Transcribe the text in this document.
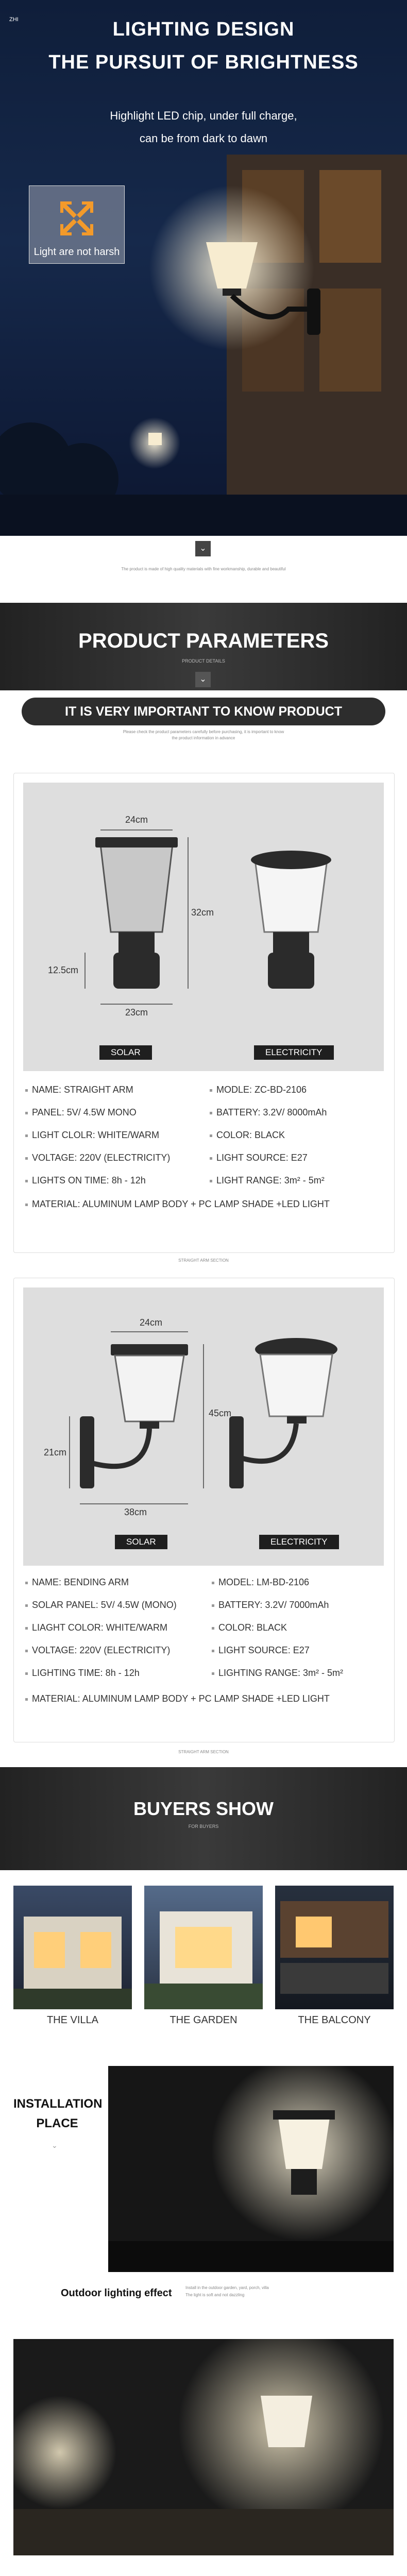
ZHI	LIGHTING DESIGN
THE PURSUIT OF BRIGHTNESS
Highlight LED chip, under full charge,
can be from dark to dawn
Light are not harsh
⌄
The product is made of high quality materials with fine workmanship, durable and beautiful
PRODUCT PARAMETERS
PRODUCT DETAILS
⌄
IT IS VERY IMPORTANT TO KNOW PRODUCT
Please check the product parameters carefully before purchasing, it is important to know
the product information in advance
24cm
32cm
12.5cm
23cm
SOLAR	ELECTRICITY
NAME: STRAIGHT ARM
PANEL: 5V/ 4.5W MONO
LIGHT CLOLR: WHITE/WARM
VOLTAGE: 220V (ELECTRICITY)
LIGHTS ON TIME: 8h - 12h
MODLE: ZC-BD-2106
BATTERY: 3.2V/ 8000mAh
COLOR: BLACK
LIGHT SOURCE: E27
LIGHT RANGE: 3m² - 5m²
MATERIAL: ALUMINUM LAMP BODY + PC LAMP SHADE +LED LIGHT
STRAIGHT ARM SECTION
24cm
45cm
21cm
38cm
SOLAR	ELECTRICITY
NAME: BENDING ARM
SOLAR PANEL: 5V/ 4.5W (MONO)
LIAGHT COLOR: WHITE/WARM
VOLTAGE: 220V (ELECTRICITY)
LIGHTING TIME: 8h - 12h
MODEL: LM-BD-2106
BATTERY: 3.2V/ 7000mAh
COLOR: BLACK
LIGHT SOURCE: E27
LIGHTING RANGE: 3m² - 5m²
MATERIAL: ALUMINUM LAMP BODY + PC LAMP SHADE +LED LIGHT
STRAIGHT ARM SECTION
BUYERS SHOW
FOR BUYERS
THE VILLA	THE GARDEN	THE BALCONY
INSTALLATION
PLACE
⌄
Outdoor lighting effect	Install in the outdoor garden, yard, porch, villa
The light is soft and not dazzling
